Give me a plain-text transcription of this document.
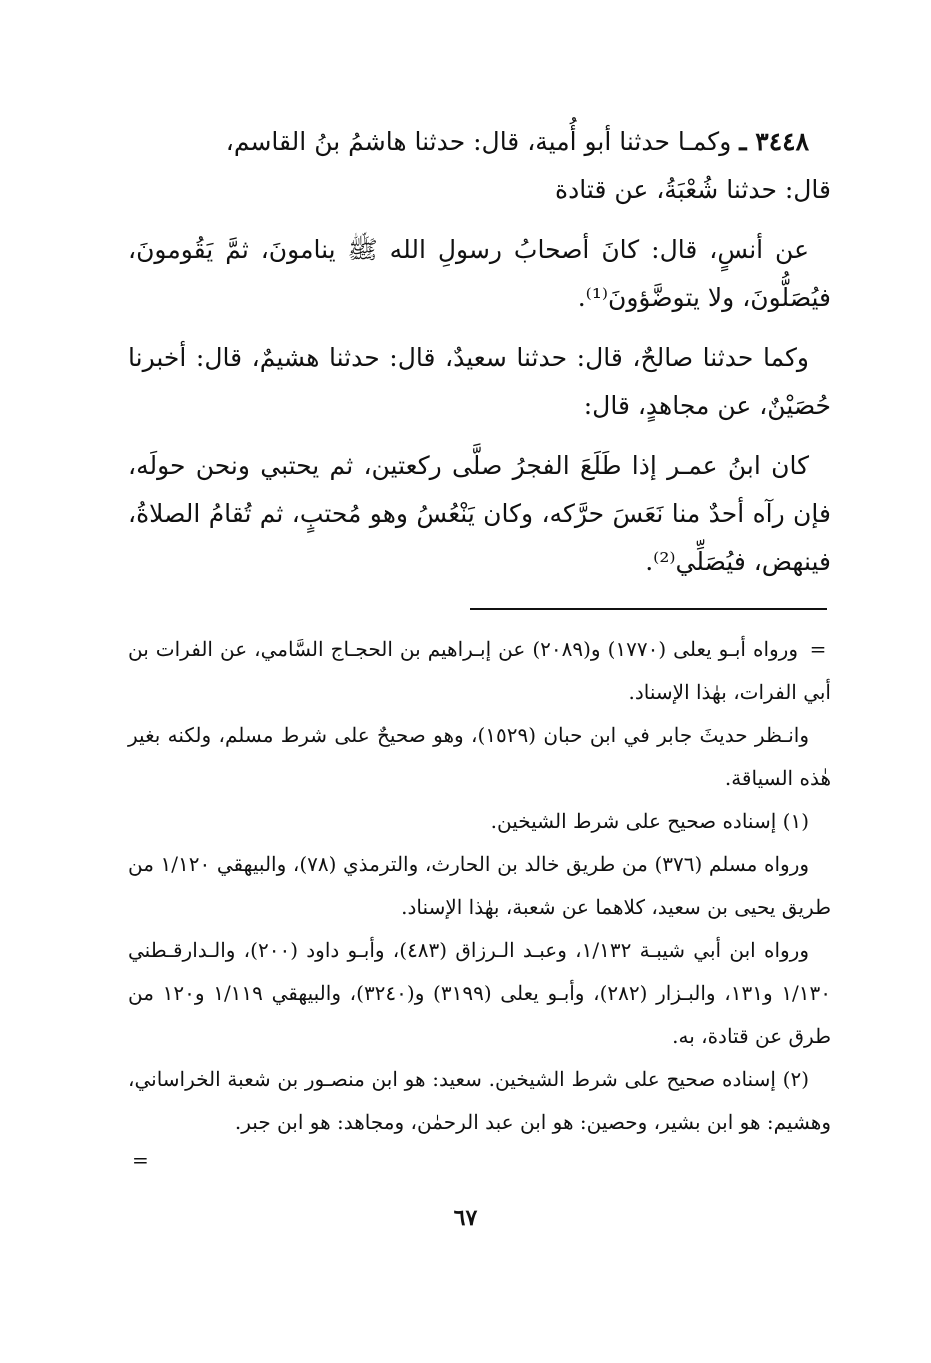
٣٤٤٨ ـ وكمـا حدثنا أبو أُمية، قال: حدثنا هاشمُ بنُ القاسم،
قال: حدثنا شُعْبَةُ، عن قتادة

عن أنسٍ، قال: كانَ أصحابُ رسولِ الله ﷺ ينامونَ، ثمَّ يَقُومونَ، فيُصَلُّونَ، ولا يتوضَّؤونَ⁽¹⁾.

وكما حدثنا صالحٌ، قال: حدثنا سعيدٌ، قال: حدثنا هشيمٌ، قال: أخبرنا حُصَيْنٌ، عن مجاهدٍ، قال:

كان ابنُ عمـر إذا طَلَعَ الفجرُ صلَّى ركعتين، ثم يحتبي ونحن حولَه، فإن رآه أحدٌ منا نَعَسَ حرَّكه، وكان يَنْعُسُ وهو مُحتبٍ، ثم تُقامُ الصلاةُ، فينهض، فيُصَلِّي⁽²⁾.

= ورواه أبـو يعلى (١٧٧٠) و(٢٠٨٩) عن إبـراهيم بن الحجـاج السَّامي، عن الفرات بن أبي الفرات، بهٰذا الإسناد.

وانـظر حديثَ جابر في ابن حبان (١٥٢٩)، وهو صحيحٌ على شرط مسلم، ولكنه بغير هٰذه السياقة.

(١) إسناده صحيح على شرط الشيخين.

ورواه مسلم (٣٧٦) من طريق خالد بن الحارث، والترمذي (٧٨)، والبيهقي ١/١٢٠ من طريق يحيى بن سعيد، كلاهما عن شعبة، بهٰذا الإسناد.

ورواه ابن أبي شيبـة ١/١٣٢، وعبـد الـرزاق (٤٨٣)، وأبـو داود (٢٠٠)، والـدارقـطني ١/١٣٠ و١٣١، والبـزار (٢٨٢)، وأبـو يعلى (٣١٩٩) و(٣٢٤٠)، والبيهقي ١/١١٩ و١٢٠ من طرق عن قتادة، به.

(٢) إسناده صحيح على شرط الشيخين. سعيد: هو ابن منصـور بن شعبة الخراساني، وهشيم: هو ابن بشير، وحصين: هو ابن عبد الرحمٰن، ومجاهد: هو ابن جبر.

=
٦٧
